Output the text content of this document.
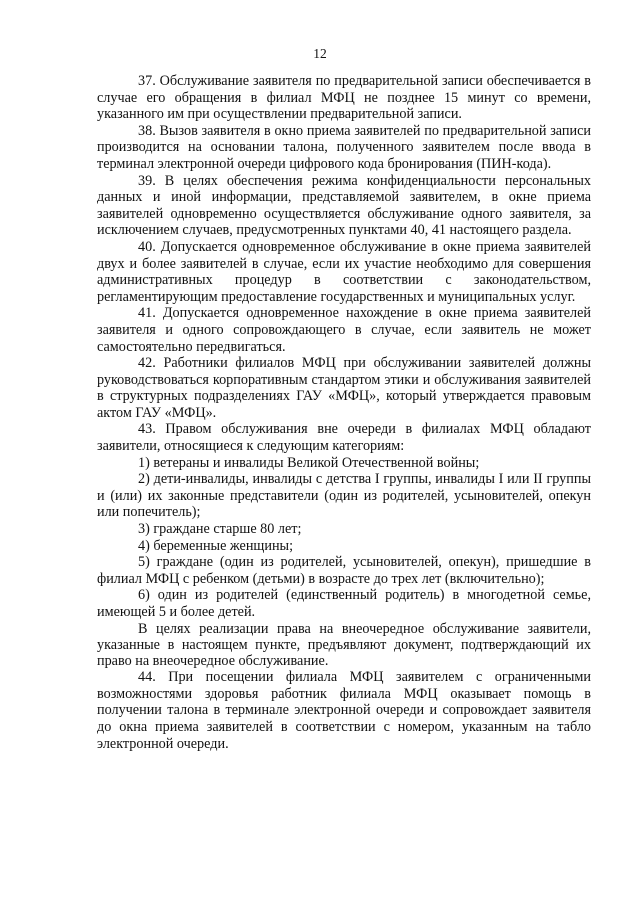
12

37. Обслуживание заявителя по предварительной записи обеспечивается в случае его обращения в филиал МФЦ не позднее 15 минут со времени, указанного им при осуществлении предварительной записи.

38. Вызов заявителя в окно приема заявителей по предварительной записи производится на основании талона, полученного заявителем после ввода в терминал электронной очереди цифрового кода бронирования (ПИН-кода).

39. В целях обеспечения режима конфиденциальности персональных данных и иной информации, представляемой заявителем, в окне приема заявителей одновременно осуществляется обслуживание одного заявителя, за исключением случаев, предусмотренных пунктами 40, 41 настоящего раздела.

40. Допускается одновременное обслуживание в окне приема заявителей двух и более заявителей в случае, если их участие необходимо для совершения административных процедур в соответствии с законодательством, регламентирующим предоставление государственных и муниципальных услуг.

41. Допускается одновременное нахождение в окне приема заявителей заявителя и одного сопровождающего в случае, если заявитель не может самостоятельно передвигаться.

42. Работники филиалов МФЦ при обслуживании заявителей должны руководствоваться корпоративным стандартом этики и обслуживания заявителей в структурных подразделениях ГАУ «МФЦ», который утверждается правовым актом ГАУ «МФЦ».

43. Правом обслуживания вне очереди в филиалах МФЦ обладают заявители, относящиеся к следующим категориям:

1) ветераны и инвалиды Великой Отечественной войны;

2) дети-инвалиды, инвалиды с детства I группы, инвалиды I или II группы и (или) их законные представители (один из родителей, усыновителей, опекун или попечитель);

3) граждане старше 80 лет;

4) беременные женщины;

5) граждане (один из родителей, усыновителей, опекун), пришедшие в филиал МФЦ с ребенком (детьми) в возрасте до трех лет (включительно);

6) один из родителей (единственный родитель) в многодетной семье, имеющей 5 и более детей.

В целях реализации права на внеочередное обслуживание заявители, указанные в настоящем пункте, предъявляют документ, подтверждающий их право на внеочередное обслуживание.

44. При посещении филиала МФЦ заявителем с ограниченными возможностями здоровья работник филиала МФЦ оказывает помощь в получении талона в терминале электронной очереди и сопровождает заявителя до окна приема заявителей в соответствии с номером, указанным на табло электронной очереди.
